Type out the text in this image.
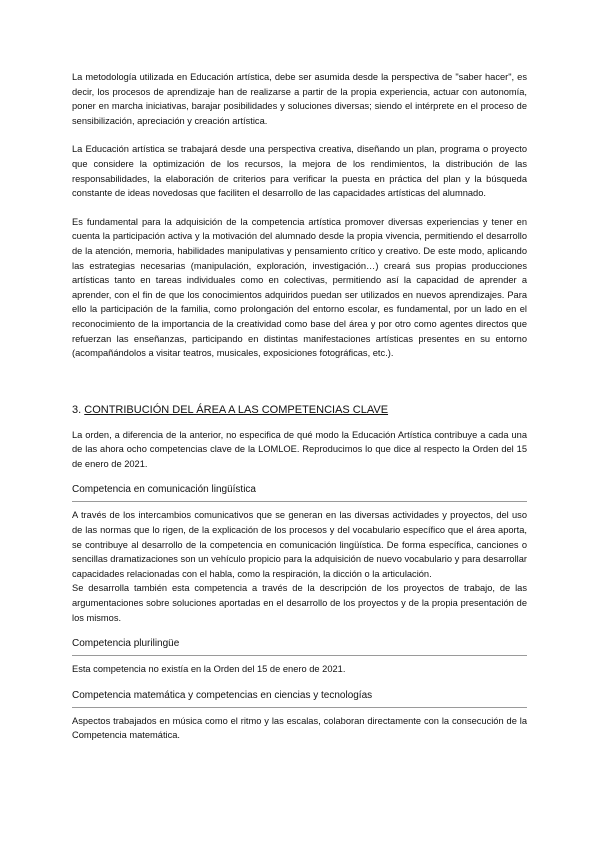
La metodología utilizada en Educación artística, debe ser asumida desde la perspectiva de "saber hacer", es decir, los procesos de aprendizaje han de realizarse a partir de la propia experiencia, actuar con autonomía, poner en marcha iniciativas, barajar posibilidades y soluciones diversas; siendo el intérprete en el proceso de sensibilización, apreciación y creación artística.

La Educación artística se trabajará desde una perspectiva creativa, diseñando un plan, programa o proyecto que considere la optimización de los recursos, la mejora de los rendimientos, la distribución de las responsabilidades, la elaboración de criterios para verificar la puesta en práctica del plan y la búsqueda constante de ideas novedosas que faciliten el desarrollo de las capacidades artísticas del alumnado.

Es fundamental para la adquisición de la competencia artística promover diversas experiencias y tener en cuenta la participación activa y la motivación del alumnado desde la propia vivencia, permitiendo el desarrollo de la atención, memoria, habilidades manipulativas y pensamiento crítico y creativo. De este modo, aplicando las estrategias necesarias (manipulación, exploración, investigación…) creará sus propias producciones artísticas tanto en tareas individuales como en colectivas, permitiendo así la capacidad de aprender a aprender, con el fin de que los conocimientos adquiridos puedan ser utilizados en nuevos aprendizajes. Para ello la participación de la familia, como prolongación del entorno escolar, es fundamental, por un lado en el reconocimiento de la importancia de la creatividad como base del área y por otro como agentes directos que refuerzan las enseñanzas, participando en distintas manifestaciones artísticas presentes en su entorno (acompañándolos a visitar teatros, musicales, exposiciones fotográficas, etc.).

3. CONTRIBUCIÓN DEL ÁREA A LAS COMPETENCIAS CLAVE

La orden, a diferencia de la anterior, no especifica de qué modo la Educación Artística contribuye a cada una de las ahora ocho competencias clave de la LOMLOE. Reproducimos lo que dice al respecto la Orden del 15 de enero de 2021.

Competencia en comunicación lingüística

A través de los intercambios comunicativos que se generan en las diversas actividades y proyectos, del uso de las normas que lo rigen, de la explicación de los procesos y del vocabulario específico que el área aporta, se contribuye al desarrollo de la competencia en comunicación lingüística. De forma específica, canciones o sencillas dramatizaciones son un vehículo propicio para la adquisición de nuevo vocabulario y para desarrollar capacidades relacionadas con el habla, como la respiración, la dicción o la articulación.

Se desarrolla también esta competencia a través de la descripción de los proyectos de trabajo, de las argumentaciones sobre soluciones aportadas en el desarrollo de los proyectos y de la propia presentación de los mismos.

Competencia plurilingüe

Esta competencia no existía en la Orden del 15 de enero de 2021.

Competencia matemática y competencias en ciencias y tecnologías

Aspectos trabajados en música como el ritmo y las escalas, colaboran directamente con la consecución de la Competencia matemática.
